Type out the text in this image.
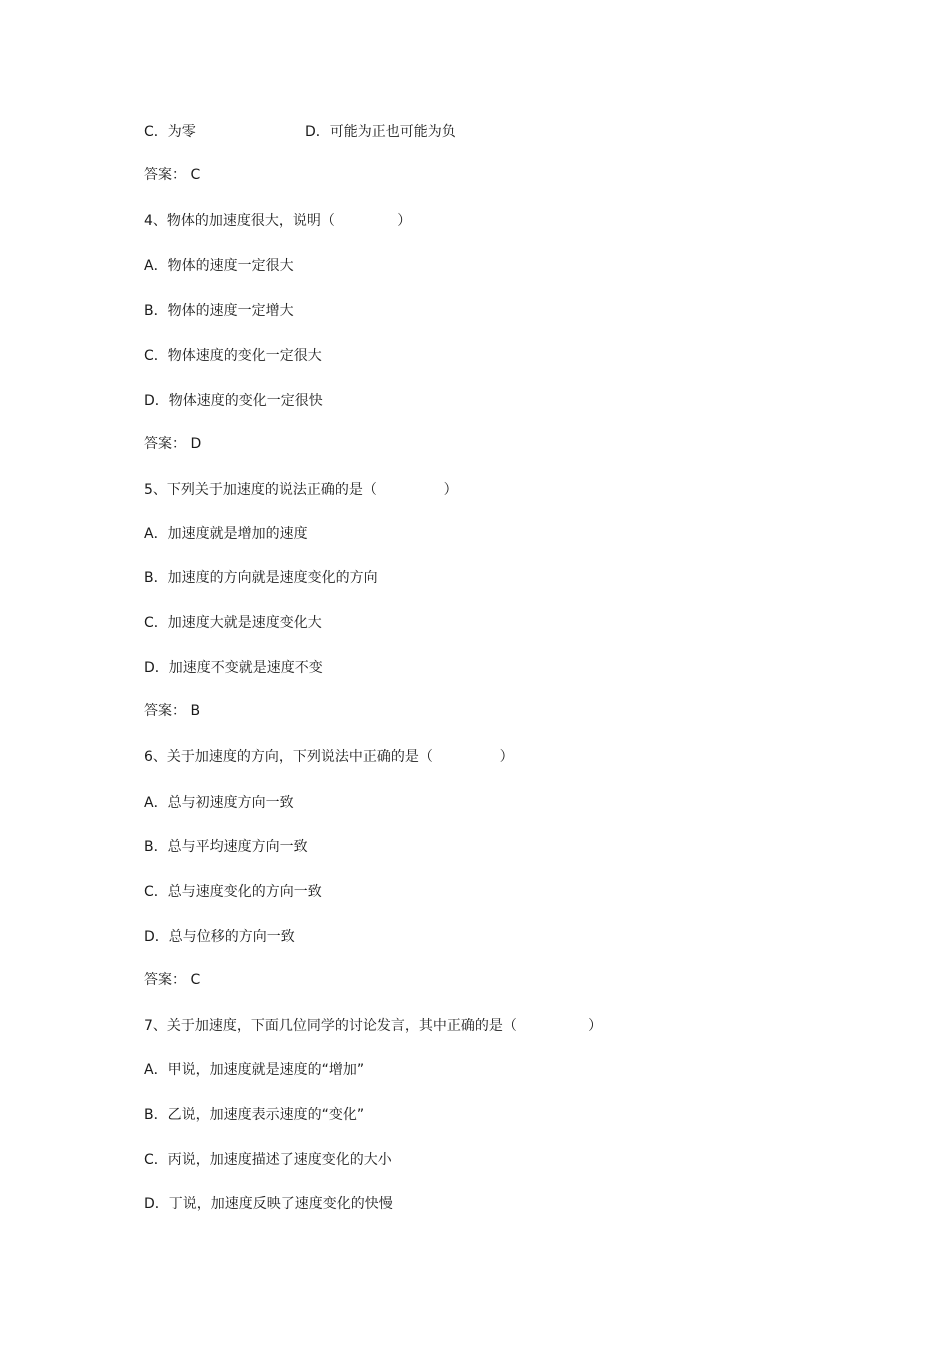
C．为零	D．可能为正也可能为负
答案： C
4、物体的加速度很大，说明（              ）
A．物体的速度一定很大
B．物体的速度一定增大
C．物体速度的变化一定很大
D．物体速度的变化一定很快
答案： D
5、下列关于加速度的说法正确的是（               ）
A．加速度就是增加的速度
B．加速度的方向就是速度变化的方向
C．加速度大就是速度变化大
D．加速度不变就是速度不变
答案： B
6、关于加速度的方向，下列说法中正确的是（               ）
A．总与初速度方向一致
B．总与平均速度方向一致
C．总与速度变化的方向一致
D．总与位移的方向一致
答案： C
7、关于加速度，下面几位同学的讨论发言，其中正确的是（                ）
A．甲说，加速度就是速度的“增加”
B．乙说，加速度表示速度的“变化”
C．丙说，加速度描述了速度变化的大小
D．丁说，加速度反映了速度变化的快慢
